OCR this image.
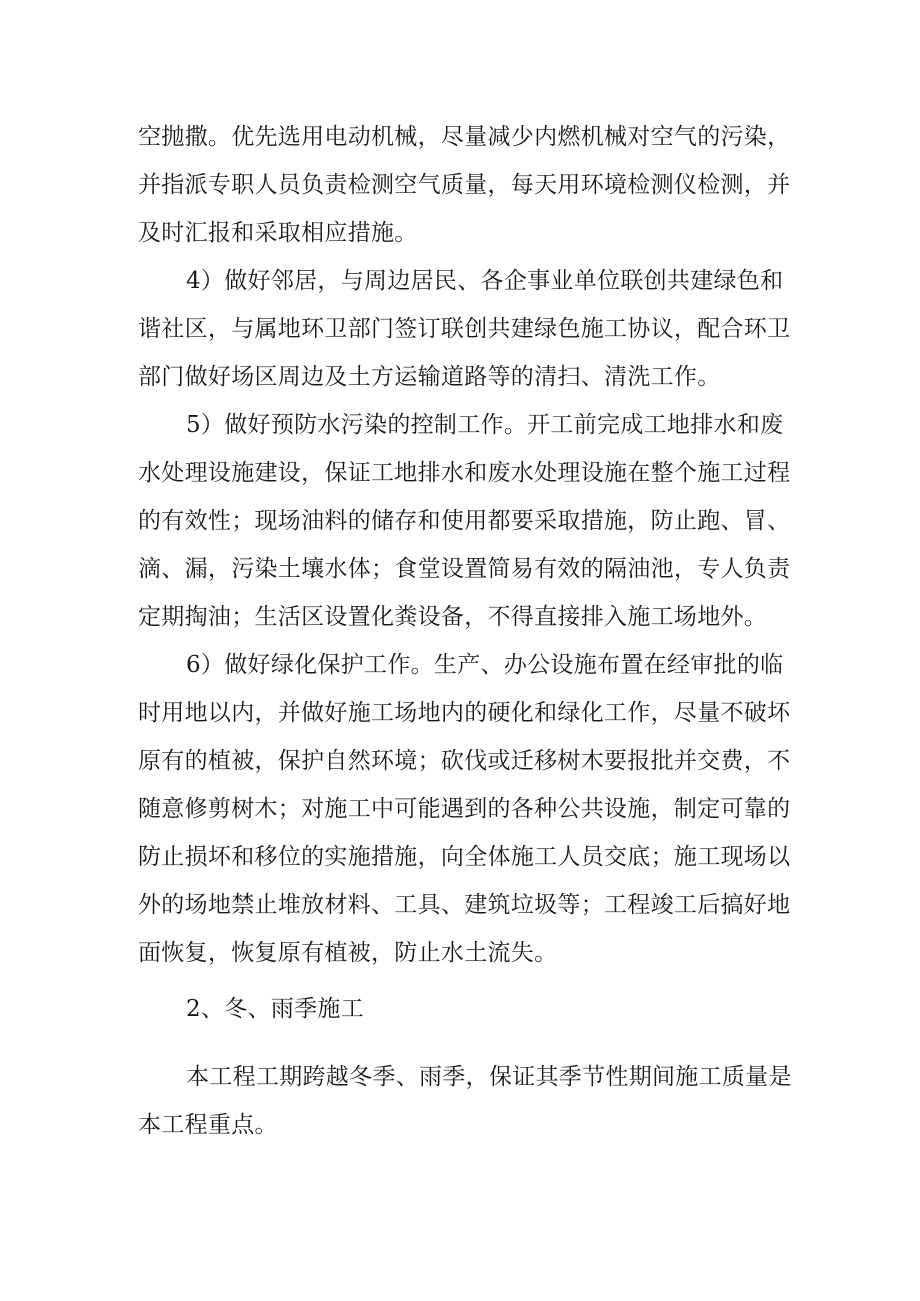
空抛撒。优先选用电动机械，尽量减少内燃机械对空气的污染，
并指派专职人员负责检测空气质量，每天用环境检测仪检测，并
及时汇报和采取相应措施。
4）做好邻居，与周边居民、各企事业单位联创共建绿色和
谐社区，与属地环卫部门签订联创共建绿色施工协议，配合环卫
部门做好场区周边及土方运输道路等的清扫、清洗工作。
5）做好预防水污染的控制工作。开工前完成工地排水和废
水处理设施建设，保证工地排水和废水处理设施在整个施工过程
的有效性；现场油料的储存和使用都要采取措施，防止跑、冒、
滴、漏，污染土壤水体；食堂设置简易有效的隔油池，专人负责
定期掏油；生活区设置化粪设备，不得直接排入施工场地外。
6）做好绿化保护工作。生产、办公设施布置在经审批的临
时用地以内，并做好施工场地内的硬化和绿化工作，尽量不破坏
原有的植被，保护自然环境；砍伐或迁移树木要报批并交费，不
随意修剪树木；对施工中可能遇到的各种公共设施，制定可靠的
防止损坏和移位的实施措施，向全体施工人员交底；施工现场以
外的场地禁止堆放材料、工具、建筑垃圾等；工程竣工后搞好地
面恢复，恢复原有植被，防止水土流失。
2、冬、雨季施工
本工程工期跨越冬季、雨季，保证其季节性期间施工质量是
本工程重点。
